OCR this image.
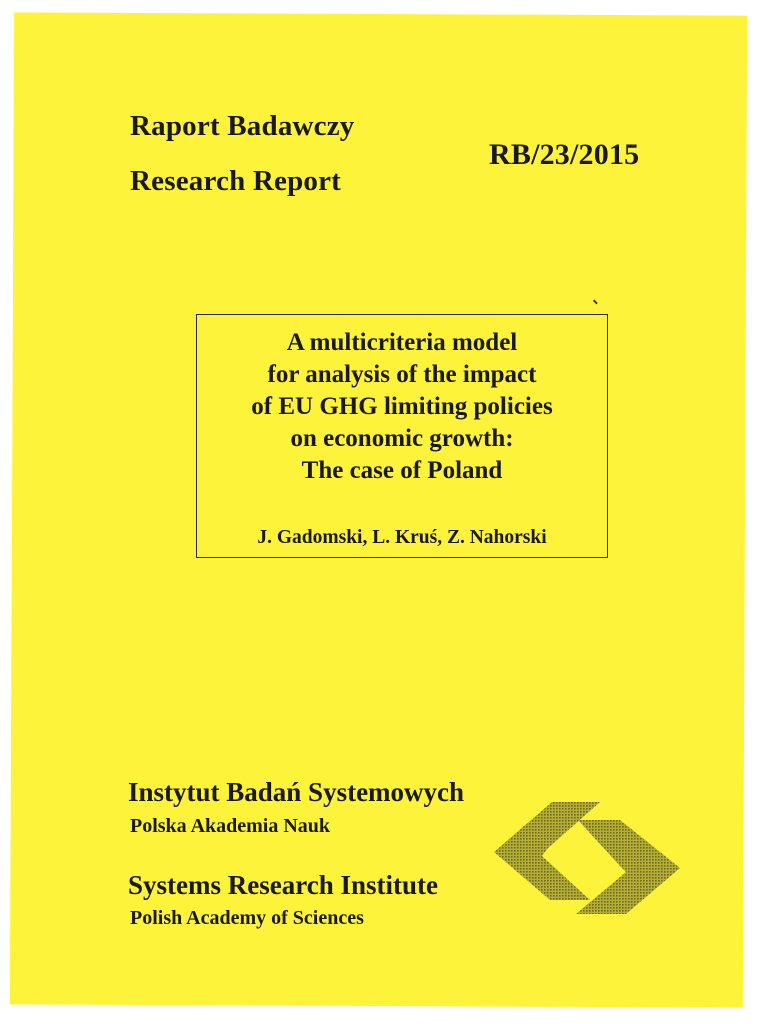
Raport Badawczy
Research Report
RB/23/2015
A multicriteria model
for analysis of the impact
of EU GHG limiting policies
on economic growth:
The case of Poland
J. Gadomski, L. Kruś, Z. Nahorski
Instytut Badań Systemowych
Polska Akademia Nauk
Systems Research Institute
Polish Academy of Sciences
